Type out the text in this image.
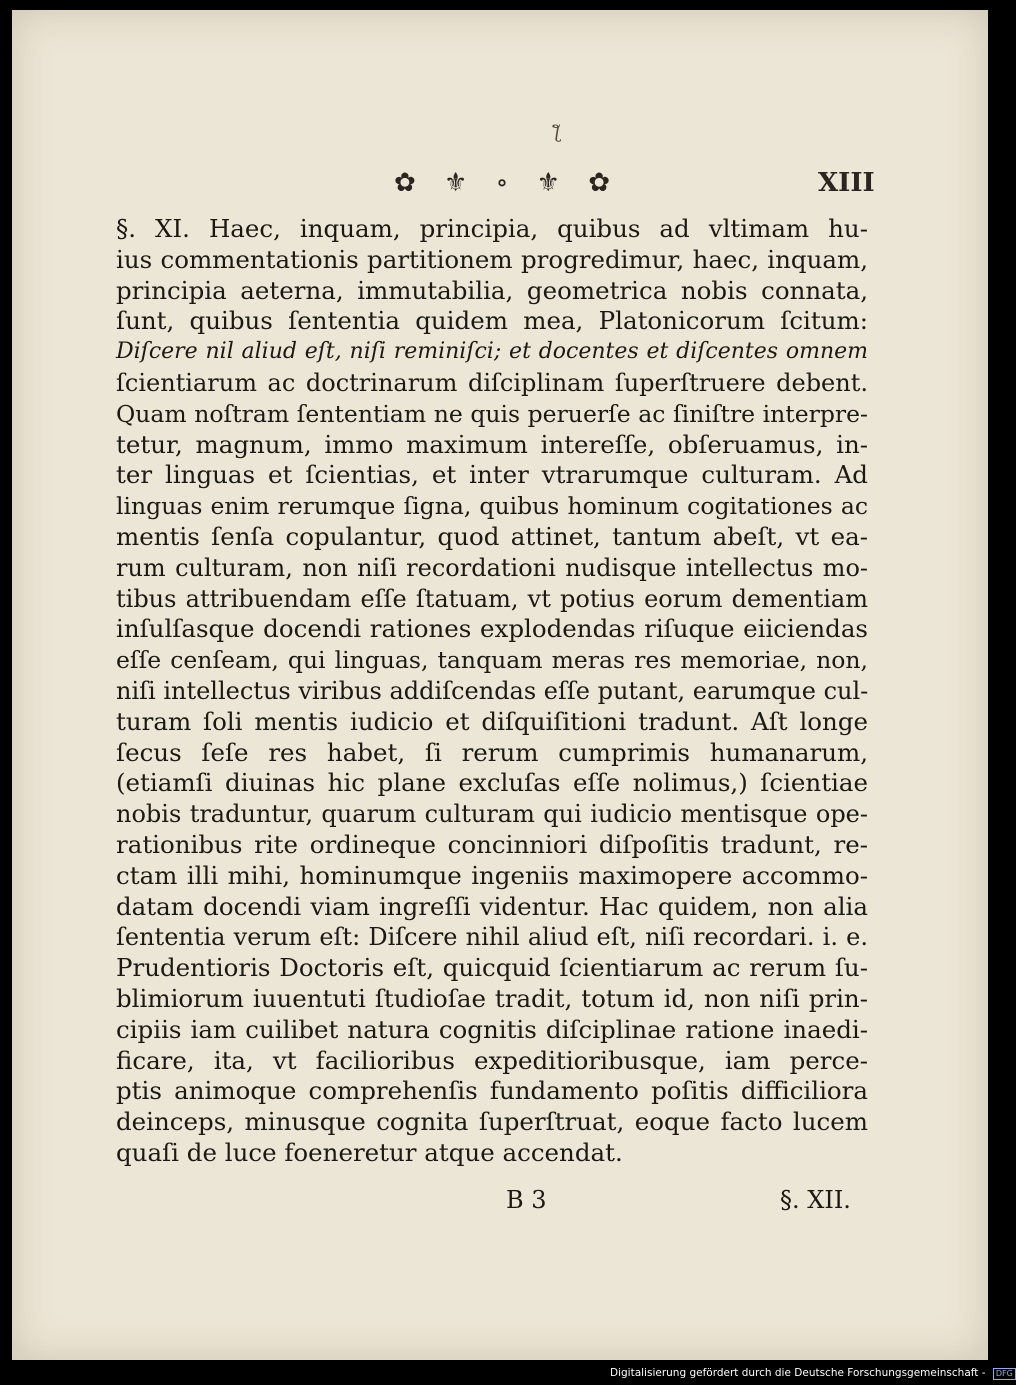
ƪ
✿ ⚜ ∘ ⚜ ✿	XIII
§. XI. Haec, inquam, principia, quibus ad vltimam hu-
ius commentationis partitionem progredimur, haec, inquam,
principia aeterna, immutabilia, geometrica nobis connata,
ſunt, quibus ſententia quidem mea, Platonicorum ſcitum:
Diſcere nil aliud eſt, niſi reminiſci; et docentes et diſcentes omnem
ſcientiarum ac doctrinarum diſciplinam ſuperſtruere debent.
Quam noſtram ſententiam ne quis peruerſe ac ſiniſtre interpre-
tetur, magnum, immo maximum intereſſe, obſeruamus, in-
ter linguas et ſcientias, et inter vtrarumque culturam. Ad
linguas enim rerumque ſigna, quibus hominum cogitationes ac
mentis ſenſa copulantur, quod attinet, tantum abeſt, vt ea-
rum culturam, non niſi recordationi nudisque intellectus mo-
tibus attribuendam eſſe ſtatuam, vt potius eorum dementiam
inſulſasque docendi rationes explodendas riſuque eiiciendas
eſſe cenſeam, qui linguas, tanquam meras res memoriae, non,
niſi intellectus viribus addiſcendas eſſe putant, earumque cul-
turam ſoli mentis iudicio et diſquiſitioni tradunt. Aſt longe
ſecus ſeſe res habet, ſi rerum cumprimis humanarum,
(etiamſi diuinas hic plane excluſas eſſe nolimus,) ſcientiae
nobis traduntur, quarum culturam qui iudicio mentisque ope-
rationibus rite ordineque concinniori diſpoſitis tradunt, re-
ctam illi mihi, hominumque ingeniis maximopere accommo-
datam docendi viam ingreſſi videntur. Hac quidem, non alia
ſententia verum eſt: Diſcere nihil aliud eſt, niſi recordari. i. e.
Prudentioris Doctoris eſt, quicquid ſcientiarum ac rerum ſu-
blimiorum iuuentuti ſtudioſae tradit, totum id, non niſi prin-
cipiis iam cuilibet natura cognitis diſciplinae ratione inaedi-
ficare, ita, vt facilioribus expeditioribusque, iam perce-
ptis animoque comprehenſis fundamento poſitis difficiliora
deinceps, minusque cognita ſuperſtruat, eoque facto lucem
quaſi de luce foeneretur atque accendat.
B 3	§. XII.
Digitalisierung gefördert durch die Deutsche Forschungsgemeinschaft - DFG
